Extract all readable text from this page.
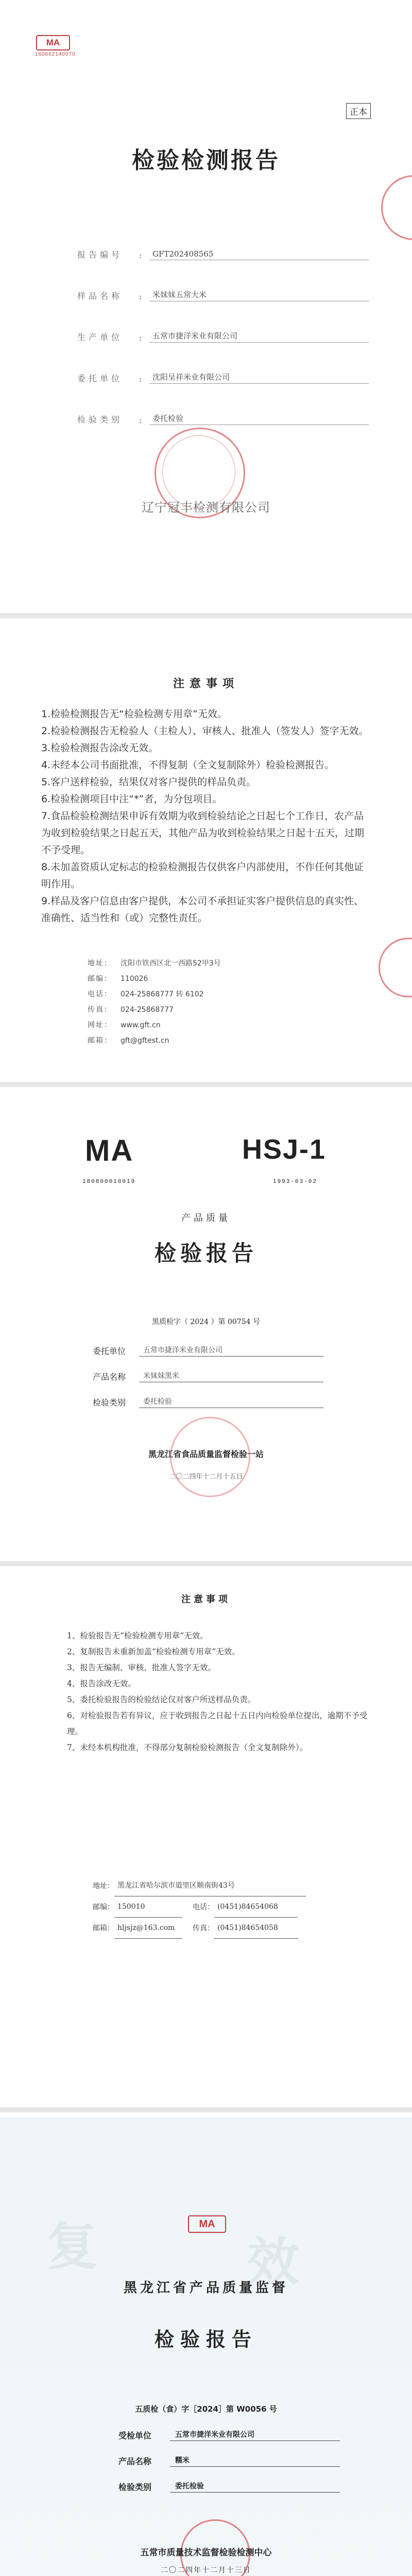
MA
160602140070
正本
检验检测报告
报告编号	:	GFT202408565
样品名称	:	米妹妹五常大米
生产单位	:	五常市捷洋米业有限公司
委托单位	:	沈阳呈祥米业有限公司
检验类别	:	委托检验
辽宁冠丰检测有限公司
注意事项

1.检验检测报告无“检验检测专用章”无效。

2.检验检测报告无检验人（主检人）、审核人、批准人（签发人）签字无效。

3.检验检测报告涂改无效。

4.未经本公司书面批准，不得复制（全文复制除外）检验检测报告。

5.客户送样检验，结果仅对客户提供的样品负责。

6.检验检测项目中注“*”者，为分包项目。

7.食品检验检测结果申诉有效期为收到检验结论之日起七个工作日，农产品为收到检验结果之日起五天，其他产品为收到检验结果之日起十五天，过期不予受理。

8.未加盖资质认定标志的检验检测报告仅供客户内部使用，不作任何其他证明作用。

9.样品及客户信息由客户提供，本公司不承担证实客户提供信息的真实性、准确性、适当性和（或）完整性责任。

地址：	沈阳市铁西区北一西路52甲3号
邮编：	110026
电话：	024-25868777 转 6102
传真：	024-25868777
网址：	www.gft.cn
邮箱：	gft@gftest.cn
MA	HSJ-1
180800010019	1993-03-02
产品质量
检验报告
黑质检字（ 2024 ）第 00754 号
委托单位	五常市捷洋米业有限公司
产品名称	米妹妹黑米
检验类别	委托检验
黑龙江省食品质量监督检验一站
二〇二四年十二月十五日
注意事项

1、检验报告无“检验检测专用章”无效。

2、复制报告未重新加盖“检验检测专用章”无效。

3、报告无编制、审核、批准人签字无效。

4、报告涂改无效。

5、委托检验报告的检验结论仅对客户所送样品负责。

6、对检验报告若有异议，应于收到报告之日起十五日内向检验单位提出，逾期不予受理。

7、未经本机构批准，不得部分复制检验检测报告（全文复制除外）。

地址： 黑龙江省哈尔滨市道里区顺南街43号
邮编： 150010	电话： (0451)84654068
邮箱： hljsjz@163.com	传真： (0451)84654058
复	效
MA
黑龙江省产品质量监督
检验报告
五质检（食）字［2024］第 W0056 号
受检单位	五常市捷洋米业有限公司
产品名称	糯米
检验类别	委托检验
五常市质量技术监督检验检测中心
二〇二四年十二月十三日
